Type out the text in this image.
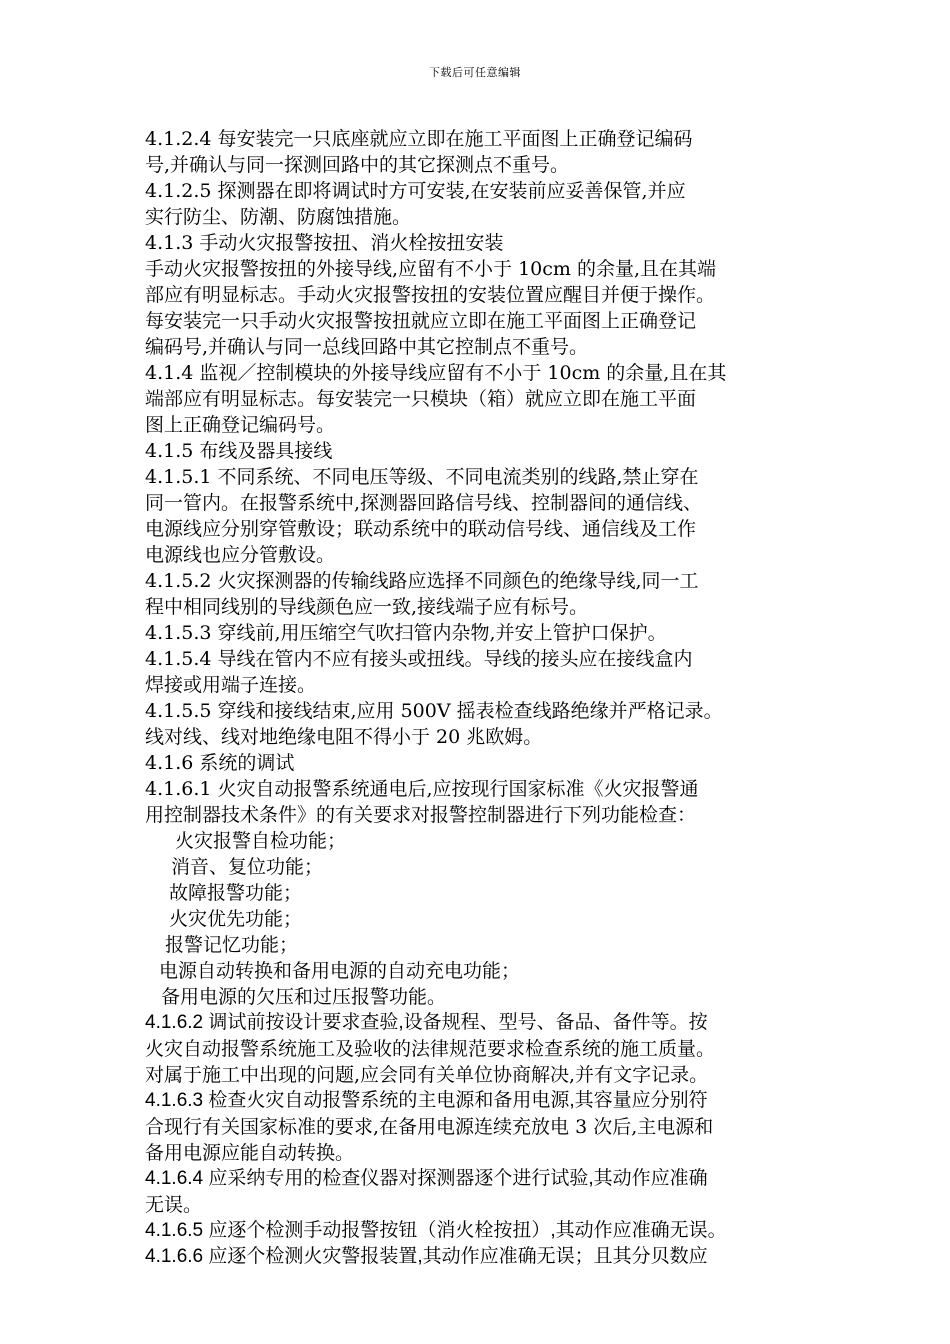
下载后可任意编辑
4.1.2.4 每安装完一只底座就应立即在施工平面图上正确登记编码
号,并确认与同一探测回路中的其它探测点不重号。
4.1.2.5 探测器在即将调试时方可安装,在安装前应妥善保管,并应
实行防尘、防潮、防腐蚀措施。
4.1.3 手动火灾报警按扭、消火栓按扭安装
手动火灾报警按扭的外接导线,应留有不小于 10cm 的余量,且在其端
部应有明显标志。手动火灾报警按扭的安装位置应醒目并便于操作。
每安装完一只手动火灾报警按扭就应立即在施工平面图上正确登记
编码号,并确认与同一总线回路中其它控制点不重号。
4.1.4 监视／控制模块的外接导线应留有不小于 10cm 的余量,且在其
端部应有明显标志。每安装完一只模块（箱）就应立即在施工平面
图上正确登记编码号。
4.1.5 布线及器具接线
4.1.5.1 不同系统、不同电压等级、不同电流类别的线路,禁止穿在
同一管内。在报警系统中,探测器回路信号线、控制器间的通信线、
电源线应分别穿管敷设；联动系统中的联动信号线、通信线及工作
电源线也应分管敷设。
4.1.5.2 火灾探测器的传输线路应选择不同颜色的绝缘导线,同一工
程中相同线别的导线颜色应一致,接线端子应有标号。
4.1.5.3 穿线前,用压缩空气吹扫管内杂物,并安上管护口保护。
4.1.5.4 导线在管内不应有接头或扭线。导线的接头应在接线盒内
焊接或用端子连接。
4.1.5.5 穿线和接线结束,应用 500V 摇表检查线路绝缘并严格记录。
线对线、线对地绝缘电阻不得小于 20 兆欧姆。
4.1.6 系统的调试
4.1.6.1 火灾自动报警系统通电后,应按现行国家标准《火灾报警通
用控制器技术条件》的有关要求对报警控制器进行下列功能检查：
火灾报警自检功能；
消音、复位功能；
故障报警功能；
火灾优先功能；
报警记忆功能；
电源自动转换和备用电源的自动充电功能；
备用电源的欠压和过压报警功能。
4.1.6.2 调试前按设计要求查验,设备规程、型号、备品、备件等。按
火灾自动报警系统施工及验收的法律规范要求检查系统的施工质量。
对属于施工中出现的问题,应会同有关单位协商解决,并有文字记录。
4.1.6.3 检查火灾自动报警系统的主电源和备用电源,其容量应分别符
合现行有关国家标准的要求,在备用电源连续充放电 3 次后,主电源和
备用电源应能自动转换。
4.1.6.4 应采纳专用的检查仪器对探测器逐个进行试验,其动作应准确
无误。
4.1.6.5 应逐个检测手动报警按钮（消火栓按扭）,其动作应准确无误。
4.1.6.6 应逐个检测火灾警报装置,其动作应准确无误；且其分贝数应
